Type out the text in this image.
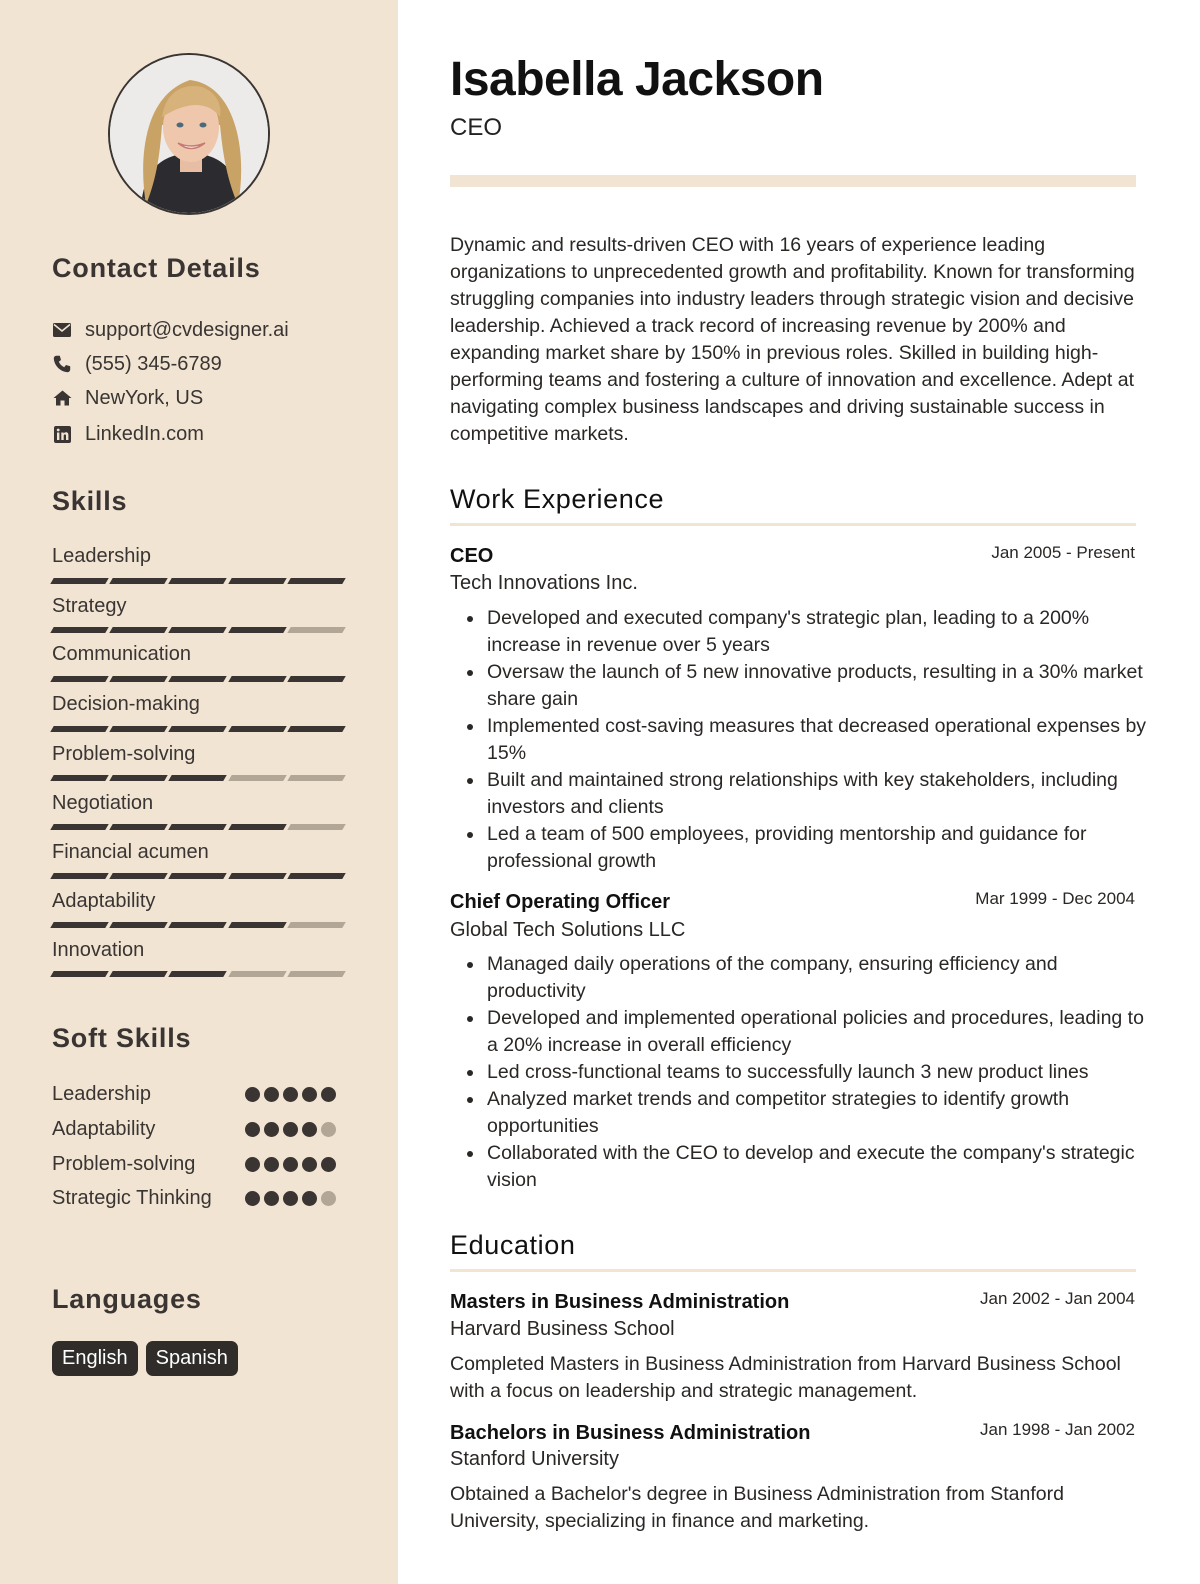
Contact Details
support@cvdesigner.ai
(555) 345-6789
NewYork, US
LinkedIn.com
Skills
Leadership
Strategy
Communication
Decision-making
Problem-solving
Negotiation
Financial acumen
Adaptability
Innovation
Soft Skills
Leadership
Adaptability
Problem-solving
Strategic Thinking
Languages
English	Spanish
Isabella Jackson
CEO

Dynamic and results-driven CEO with 16 years of experience leading organizations to unprecedented growth and profitability. Known for transforming struggling companies into industry leaders through strategic vision and decisive leadership. Achieved a track record of increasing revenue by 200% and expanding market share by 150% in previous roles. Skilled in building high-performing teams and fostering a culture of innovation and excellence. Adept at navigating complex business landscapes and driving sustainable success in competitive markets.

Work Experience
CEO	Jan 2005 - Present
Tech Innovations Inc.
Developed and executed company's strategic plan, leading to a 200% increase in revenue over 5 years
Oversaw the launch of 5 new innovative products, resulting in a 30% market share gain
Implemented cost-saving measures that decreased operational expenses by 15%
Built and maintained strong relationships with key stakeholders, including investors and clients
Led a team of 500 employees, providing mentorship and guidance for professional growth
Chief Operating Officer	Mar 1999 - Dec 2004
Global Tech Solutions LLC
Managed daily operations of the company, ensuring efficiency and productivity
Developed and implemented operational policies and procedures, leading to a 20% increase in overall efficiency
Led cross-functional teams to successfully launch 3 new product lines
Analyzed market trends and competitor strategies to identify growth opportunities
Collaborated with the CEO to develop and execute the company's strategic vision
Education
Masters in Business Administration	Jan 2002 - Jan 2004
Harvard Business School

Completed Masters in Business Administration from Harvard Business School with a focus on leadership and strategic management.

Bachelors in Business Administration	Jan 1998 - Jan 2002
Stanford University

Obtained a Bachelor's degree in Business Administration from Stanford University, specializing in finance and marketing.
